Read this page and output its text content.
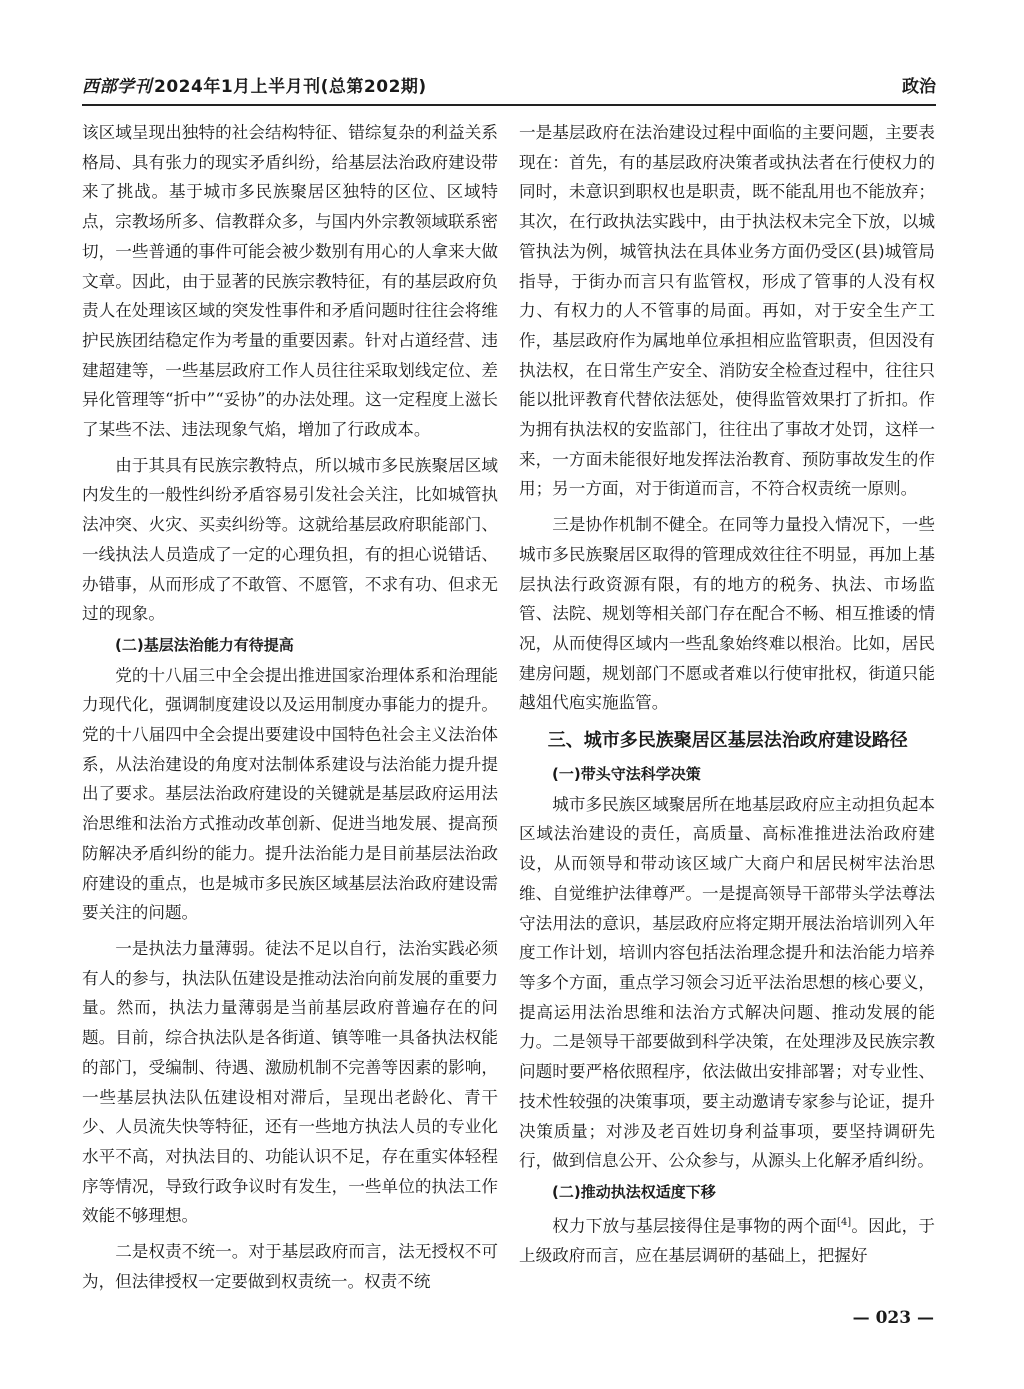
西部学刊 2024年1月上半月刊(总第202期)	政治

该区域呈现出独特的社会结构特征、错综复杂的利益关系格局、具有张力的现实矛盾纠纷，给基层法治政府建设带来了挑战。基于城市多民族聚居区独特的区位、区域特点，宗教场所多、信教群众多，与国内外宗教领域联系密切，一些普通的事件可能会被少数别有用心的人拿来大做文章。因此，由于显著的民族宗教特征，有的基层政府负责人在处理该区域的突发性事件和矛盾问题时往往会将维护民族团结稳定作为考量的重要因素。针对占道经营、违建超建等，一些基层政府工作人员往往采取划线定位、差异化管理等“折中”“妥协”的办法处理。这一定程度上滋长了某些不法、违法现象气焰，增加了行政成本。

由于其具有民族宗教特点，所以城市多民族聚居区域内发生的一般性纠纷矛盾容易引发社会关注，比如城管执法冲突、火灾、买卖纠纷等。这就给基层政府职能部门、一线执法人员造成了一定的心理负担，有的担心说错话、办错事，从而形成了不敢管、不愿管，不求有功、但求无过的现象。

(二)基层法治能力有待提高

党的十八届三中全会提出推进国家治理体系和治理能力现代化，强调制度建设以及运用制度办事能力的提升。党的十八届四中全会提出要建设中国特色社会主义法治体系，从法治建设的角度对法制体系建设与法治能力提升提出了要求。基层法治政府建设的关键就是基层政府运用法治思维和法治方式推动改革创新、促进当地发展、提高预防解决矛盾纠纷的能力。提升法治能力是目前基层法治政府建设的重点，也是城市多民族区域基层法治政府建设需要关注的问题。

一是执法力量薄弱。徒法不足以自行，法治实践必须有人的参与，执法队伍建设是推动法治向前发展的重要力量。然而，执法力量薄弱是当前基层政府普遍存在的问题。目前，综合执法队是各街道、镇等唯一具备执法权能的部门，受编制、待遇、激励机制不完善等因素的影响，一些基层执法队伍建设相对滞后，呈现出老龄化、青干少、人员流失快等特征，还有一些地方执法人员的专业化水平不高，对执法目的、功能认识不足，存在重实体轻程序等情况，导致行政争议时有发生，一些单位的执法工作效能不够理想。

二是权责不统一。对于基层政府而言，法无授权不可为，但法律授权一定要做到权责统一。权责不统

一是基层政府在法治建设过程中面临的主要问题，主要表现在：首先，有的基层政府决策者或执法者在行使权力的同时，未意识到职权也是职责，既不能乱用也不能放弃；其次，在行政执法实践中，由于执法权未完全下放，以城管执法为例，城管执法在具体业务方面仍受区(县)城管局指导，于街办而言只有监管权，形成了管事的人没有权力、有权力的人不管事的局面。再如，对于安全生产工作，基层政府作为属地单位承担相应监管职责，但因没有执法权，在日常生产安全、消防安全检查过程中，往往只能以批评教育代替依法惩处，使得监管效果打了折扣。作为拥有执法权的安监部门，往往出了事故才处罚，这样一来，一方面未能很好地发挥法治教育、预防事故发生的作用；另一方面，对于街道而言，不符合权责统一原则。

三是协作机制不健全。在同等力量投入情况下，一些城市多民族聚居区取得的管理成效往往不明显，再加上基层执法行政资源有限，有的地方的税务、执法、市场监管、法院、规划等相关部门存在配合不畅、相互推诿的情况，从而使得区域内一些乱象始终难以根治。比如，居民建房问题，规划部门不愿或者难以行使审批权，街道只能越俎代庖实施监管。

三、城市多民族聚居区基层法治政府建设路径
(一)带头守法科学决策

城市多民族区域聚居所在地基层政府应主动担负起本区域法治建设的责任，高质量、高标准推进法治政府建设，从而领导和带动该区域广大商户和居民树牢法治思维、自觉维护法律尊严。一是提高领导干部带头学法尊法守法用法的意识，基层政府应将定期开展法治培训列入年度工作计划，培训内容包括法治理念提升和法治能力培养等多个方面，重点学习领会习近平法治思想的核心要义，提高运用法治思维和法治方式解决问题、推动发展的能力。二是领导干部要做到科学决策，在处理涉及民族宗教问题时要严格依照程序，依法做出安排部署；对专业性、技术性较强的决策事项，要主动邀请专家参与论证，提升决策质量；对涉及老百姓切身利益事项，要坚持调研先行，做到信息公开、公众参与，从源头上化解矛盾纠纷。

(二)推动执法权适度下移

权力下放与基层接得住是事物的两个面[4]。因此，于上级政府而言，应在基层调研的基础上，把握好

— 023 —
